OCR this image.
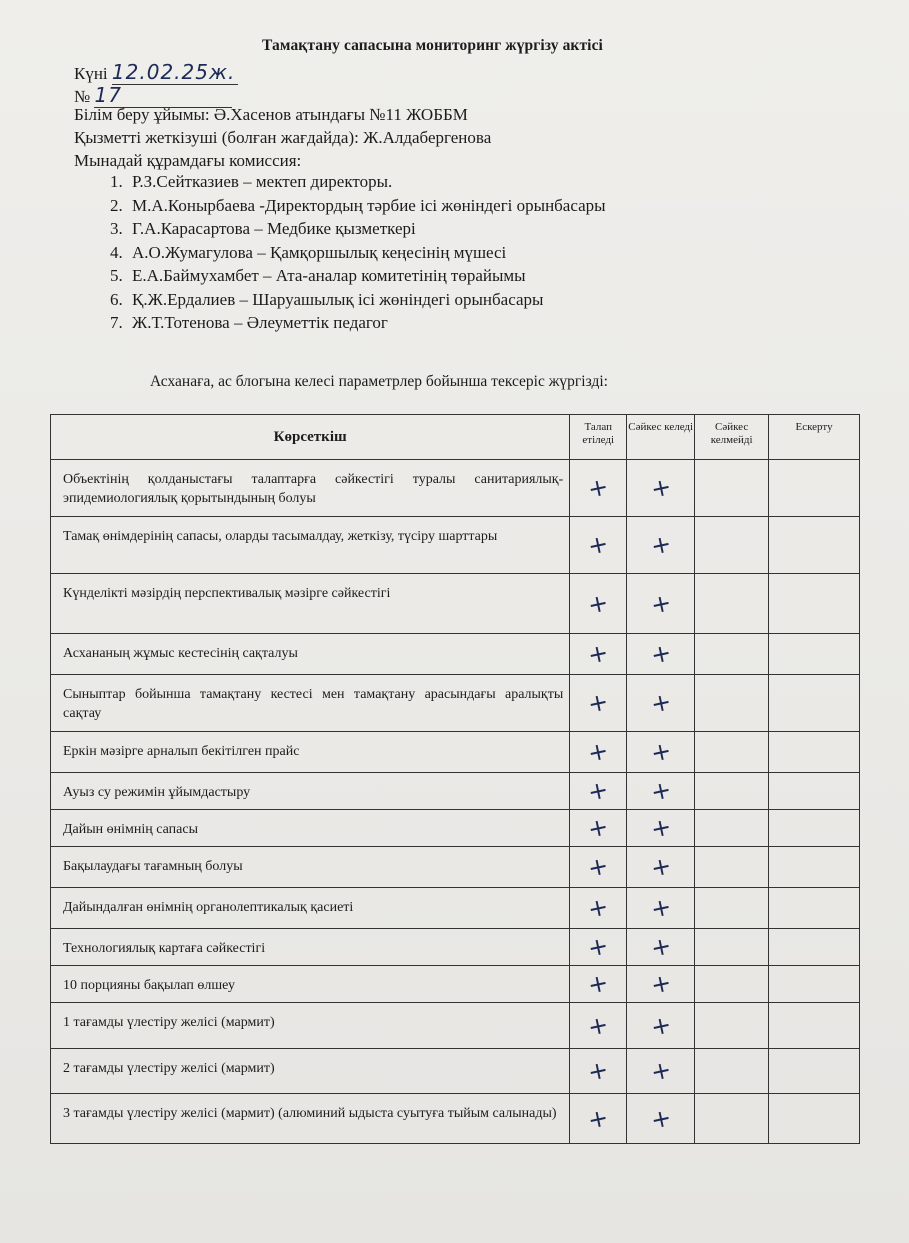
Тамақтану сапасына мониторинг жүргізу актісі
Күні 12.02.25ж.
№ 17
Білім беру ұйымы: Ә.Хасенов атындағы №11 ЖОББМ
Қызметті жеткізуші (болған жағдайда): Ж.Алдабергенова
Мынадай құрамдағы комиссия:
1. Р.З.Сейтказиев – мектеп директоры.
2. М.А.Конырбаева -Директордың тәрбие ісі жөніндегі орынбасары
3. Г.А.Карасартова – Медбике қызметкері
4. А.О.Жумагулова – Қамқоршылық кеңесінің мүшесі
5. Е.А.Баймухамбет – Ата-аналар комитетінің төрайымы
6. Қ.Ж.Ердалиев – Шаруашылық ісі жөніндегі орынбасары
7. Ж.Т.Тотенова – Әлеуметтік педагог
Асханаға, ас блогына келесі параметрлер бойынша тексеріс жүргізді:
Көрсеткіш	Талап етіледі	Сәйкес келеді	Сәйкес келмейді	Ескерту
Объектінің қолданыстағы талаптарға сәйкестігі туралы санитариялық-эпидемиологиялық қорытындының болуы	+	+		
Тамақ өнімдерінің сапасы, оларды тасымалдау, жеткізу, түсіру шарттары	+	+		
Күнделікті мәзірдің перспективалық мәзірге сәйкестігі	+	+		
Асхананың жұмыс кестесінің сақталуы	+	+		
Сыныптар бойынша тамақтану кестесі мен тамақтану арасындағы аралықты сақтау	+	+		
Еркін мәзірге арналып бекітілген прайс	+	+		
Ауыз су режимін ұйымдастыру	+	+		
Дайын өнімнің сапасы	+	+		
Бақылаудағы тағамның болуы	+	+		
Дайындалған өнімнің органолептикалық қасиеті	+	+		
Технологиялық картаға сәйкестігі	+	+		
10 порцияны бақылап өлшеу	+	+		
1 тағамды үлестіру желісі (мармит)	+	+		
2 тағамды үлестіру желісі (мармит)	+	+		
3 тағамды үлестіру желісі (мармит) (алюминий ыдыста суытуға тыйым салынады)	+	+		
